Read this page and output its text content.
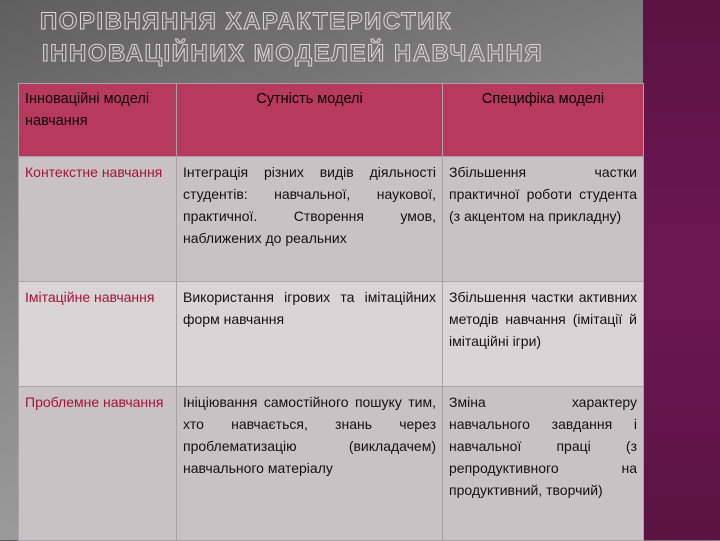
ПОРІВНЯННЯ ХАРАКТЕРИСТИК
ІННОВАЦІЙНИХ МОДЕЛЕЙ НАВЧАННЯ
Інноваційні моделі навчання	Сутність моделі	Специфіка моделі
Контекстне навчання	Інтеграція різних видів діяльності студентів: навчальної, наукової, практичної. Створення умов, наближених до реальних	Збільшення частки практичної роботи студента (з акцентом на прикладну)
Імітаційне навчання	Використання ігрових та імітаційних форм навчання	Збільшення частки активних методів навчання (імітації й імітаційні ігри)
Проблемне навчання	Ініціювання самостійного пошуку тим, хто навчається, знань через проблематизацію (викладачем) навчального матеріалу	Зміна характеру навчального завдання і навчальної праці (з репродуктивного на продуктивний, творчий)
